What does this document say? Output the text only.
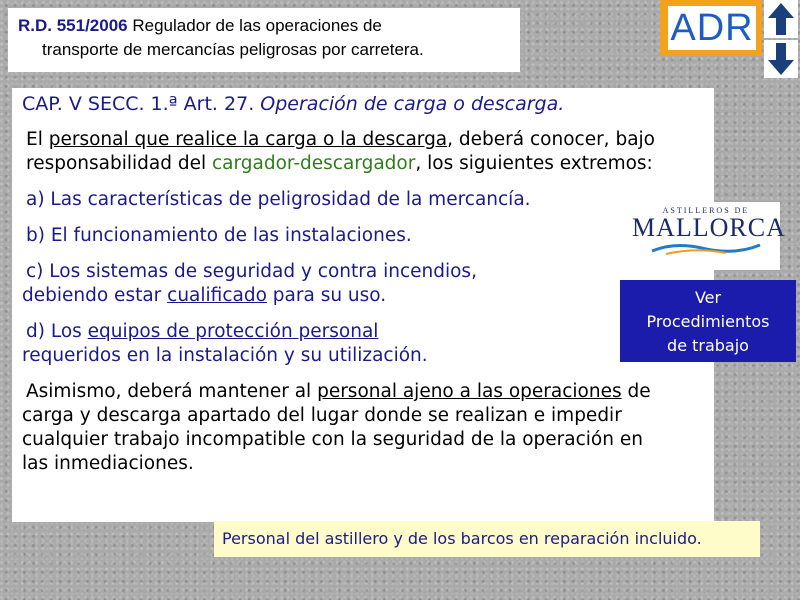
R.D. 551/2006 Regulador de las operaciones de
transporte de mercancías peligrosas por carretera.
ADR

CAP. V SECC. 1.ª Art. 27. Operación de carga o descarga.

El personal que realice la carga o la descarga, deberá conocer, bajo
responsabilidad del cargador-descargador, los siguientes extremos:

a) Las características de peligrosidad de la mercancía.

b) El funcionamiento de las instalaciones.

c) Los sistemas de seguridad y contra incendios,
debiendo estar cualificado para su uso.

d) Los equipos de protección personal
requeridos en la instalación y su utilización.

Asimismo, deberá mantener al personal ajeno a las operaciones de
carga y descarga apartado del lugar donde se realizan e impedir
cualquier trabajo incompatible con la seguridad de la operación en
las inmediaciones.

ASTILLEROS DE
MALLORCA
Ver
Procedimientos
de trabajo
Personal del astillero y de los barcos en reparación incluido.
